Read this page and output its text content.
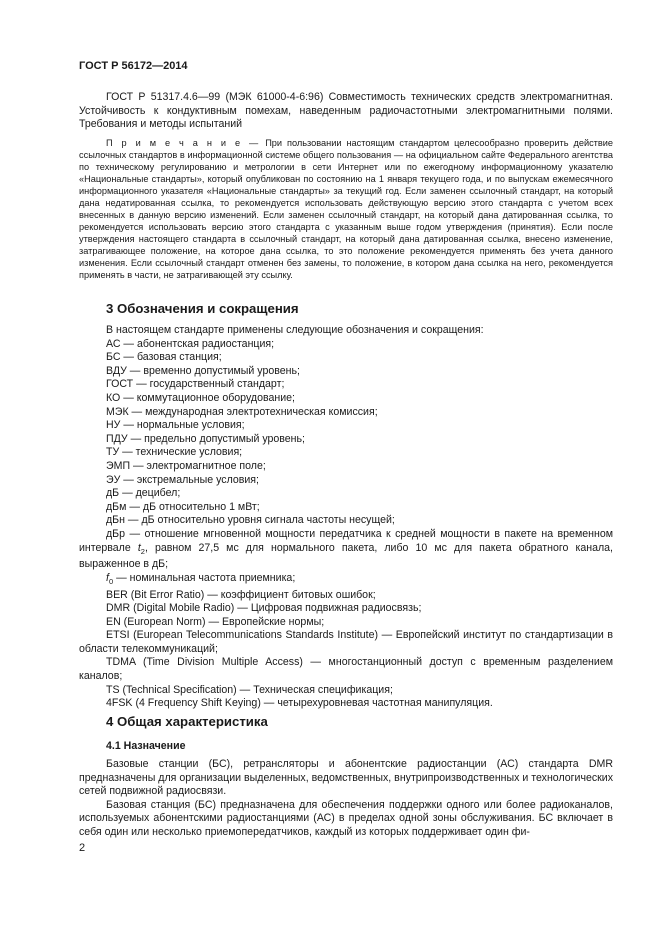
ГОСТ Р 56172—2014

ГОСТ Р 51317.4.6—99 (МЭК 61000-4-6:96) Совместимость технических средств электромагнитная. Устойчивость к кондуктивным помехам, наведенным радиочастотными электромагнитными полями. Требования и методы испытаний

П р и м е ч а н и е — При пользовании настоящим стандартом целесообразно проверить действие ссылочных стандартов в информационной системе общего пользования — на официальном сайте Федерального агентства по техническому регулированию и метрологии в сети Интернет или по ежегодному информационному указателю «Национальные стандарты», который опубликован по состоянию на 1 января текущего года, и по выпускам ежемесячного информационного указателя «Национальные стандарты» за текущий год. Если заменен ссылочный стандарт, на который дана недатированная ссылка, то рекомендуется использовать действующую версию этого стандарта с учетом всех внесенных в данную версию изменений. Если заменен ссылочный стандарт, на который дана датированная ссылка, то рекомендуется использовать версию этого стандарта с указанным выше годом утверждения (принятия). Если после утверждения настоящего стандарта в ссылочный стандарт, на который дана датированная ссылка, внесено изменение, затрагивающее положение, на которое дана ссылка, то это положение рекомендуется применять без учета данного изменения. Если ссылочный стандарт отменен без замены, то положение, в котором дана ссылка на него, рекомендуется применять в части, не затрагивающей эту ссылку.

3 Обозначения и сокращения

В настоящем стандарте применены следующие обозначения и сокращения:

АС — абонентская радиостанция;

БС — базовая станция;

ВДУ — временно допустимый уровень;

ГОСТ — государственный стандарт;

КО — коммутационное оборудование;

МЭК — международная электротехническая комиссия;

НУ — нормальные условия;

ПДУ — предельно допустимый уровень;

ТУ — технические условия;

ЭМП — электромагнитное поле;

ЭУ — экстремальные условия;

дБ — децибел;

дБм — дБ относительно 1 мВт;

дБн — дБ относительно уровня сигнала частоты несущей;

дБр — отношение мгновенной мощности передатчика к средней мощности в пакете на временном интервале $t_2$, равном 27,5 мс для нормального пакета, либо 10 мс для пакета обратного канала, выраженное в дБ;

$f_0$ — номинальная частота приемника;

BER (Bit Error Ratio) — коэффициент битовых ошибок;

DMR (Digital Mobile Radio) — Цифровая подвижная радиосвязь;

EN (European Norm) — Европейские нормы;

ETSI (European Telecommunications Standards Institute) — Европейский институт по стандартизации в области телекоммуникаций;

TDMA (Time Division Multiple Access) — многостанционный доступ с временным разделением каналов;

TS (Technical Specification) — Техническая спецификация;

4FSK (4 Frequency Shift Keying) — четырехуровневая частотная манипуляция.

4 Общая характеристика
4.1 Назначение

Базовые станции (БС), ретрансляторы и абонентские радиостанции (АС) стандарта DMR предназначены для организации выделенных, ведомственных, внутрипроизводственных и технологических сетей подвижной радиосвязи.

Базовая станция (БС) предназначена для обеспечения поддержки одного или более радиоканалов, используемых абонентскими радиостанциями (АС) в пределах одной зоны обслуживания. БС включает в себя один или несколько приемопередатчиков, каждый из которых поддерживает один фи-

2
